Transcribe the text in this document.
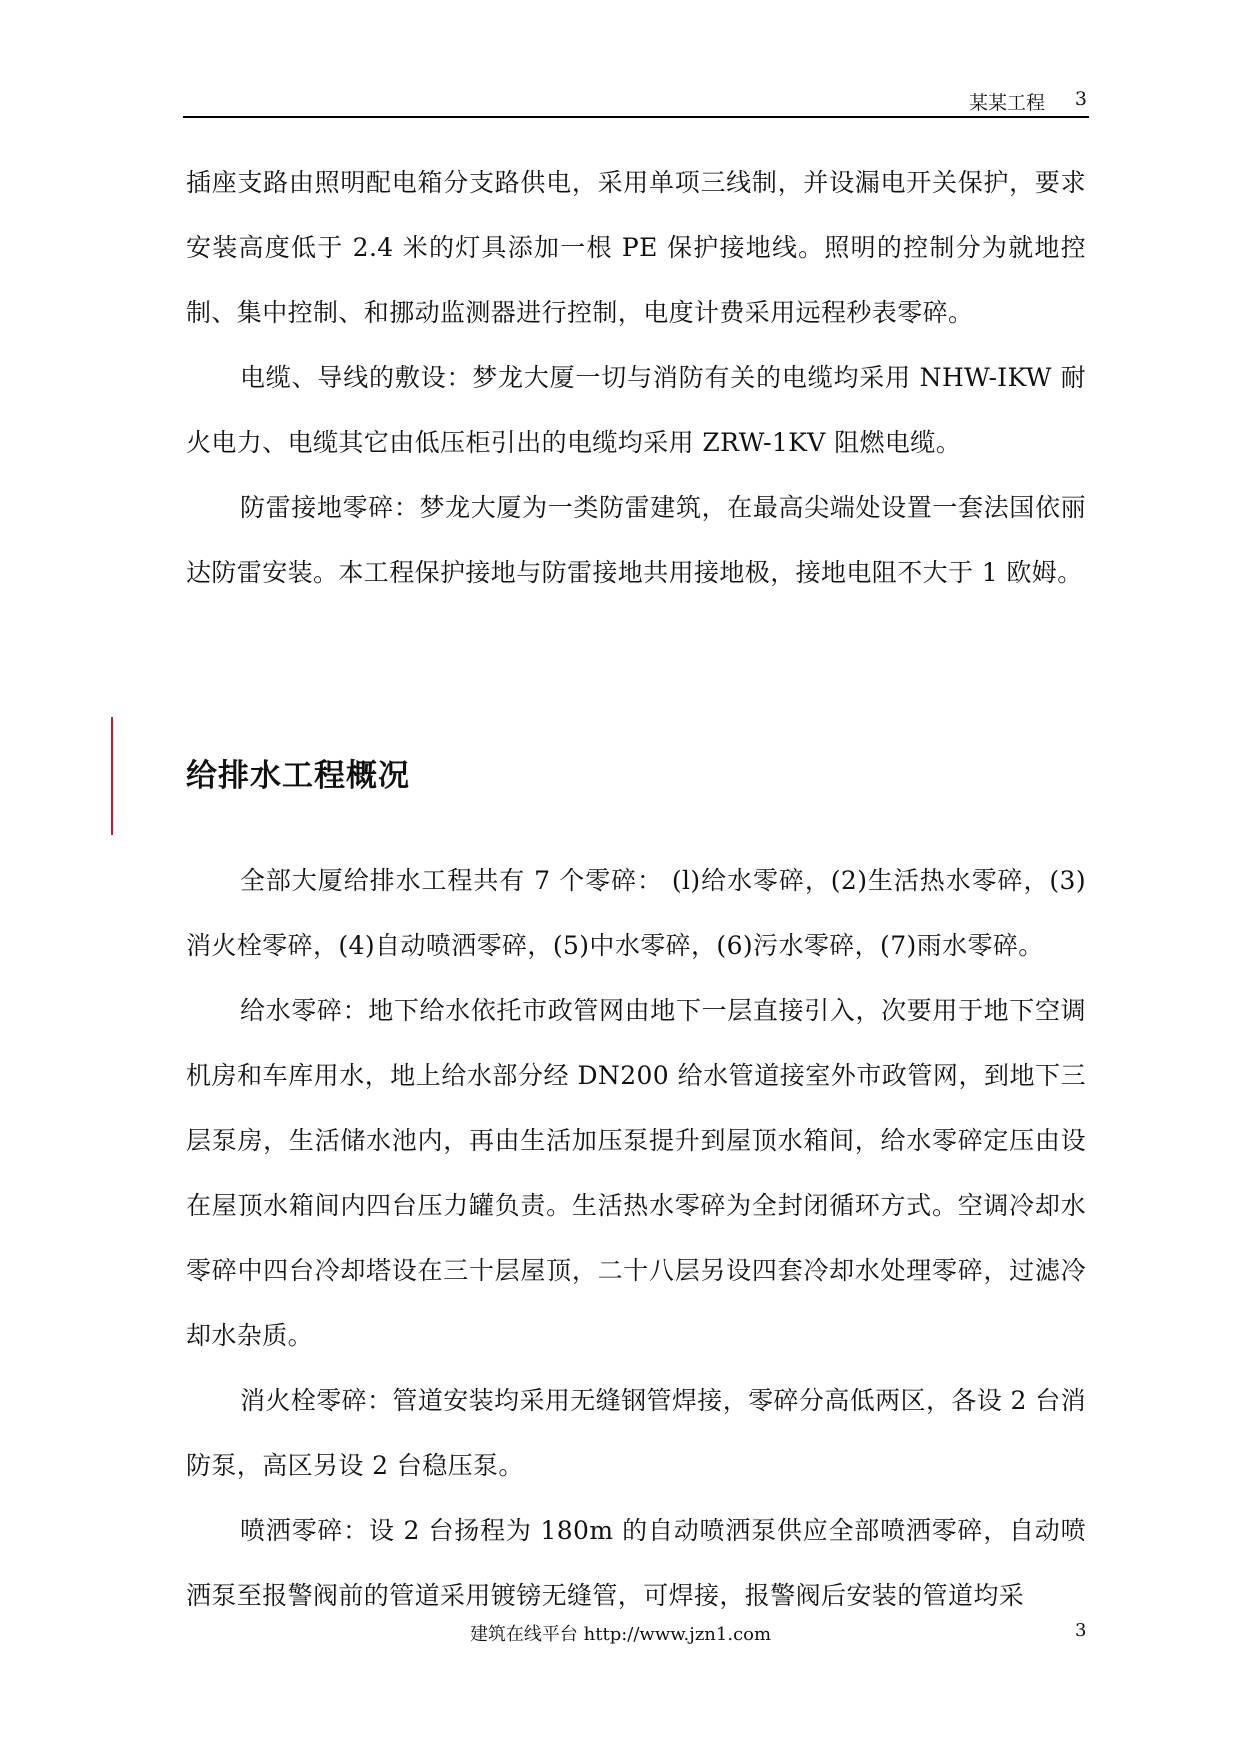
某某工程 3

插座支路由照明配电箱分支路供电，采用单项三线制，并设漏电开关保护，要求安装高度低于 2.4 米的灯具添加一根 PE 保护接地线。照明的控制分为就地控制、集中控制、和挪动监测器进行控制，电度计费采用远程秒表零碎。

电缆、导线的敷设：梦龙大厦一切与消防有关的电缆均采用 NHW-IKW 耐火电力、电缆其它由低压柜引出的电缆均采用 ZRW-1KV 阻燃电缆。

防雷接地零碎：梦龙大厦为一类防雷建筑，在最高尖端处设置一套法国依丽达防雷安装。本工程保护接地与防雷接地共用接地极，接地电阻不大于 1 欧姆。

给排水工程概况

全部大厦给排水工程共有 7 个零碎： (l)给水零碎，(2)生活热水零碎，(3)消火栓零碎，(4)自动喷洒零碎，(5)中水零碎，(6)污水零碎，(7)雨水零碎。

给水零碎：地下给水依托市政管网由地下一层直接引入，次要用于地下空调机房和车库用水，地上给水部分经 DN200 给水管道接室外市政管网，到地下三层泵房，生活储水池内，再由生活加压泵提升到屋顶水箱间，给水零碎定压由设在屋顶水箱间内四台压力罐负责。生活热水零碎为全封闭循环方式。空调冷却水零碎中四台冷却塔设在三十层屋顶，二十八层另设四套冷却水处理零碎，过滤冷却水杂质。

消火栓零碎：管道安装均采用无缝钢管焊接，零碎分高低两区，各设 2 台消防泵，高区另设 2 台稳压泵。

喷洒零碎：设 2 台扬程为 180m 的自动喷洒泵供应全部喷洒零碎，自动喷洒泵至报警阀前的管道采用镀镑无缝管，可焊接，报警阀后安装的管道均采

建筑在线平台 http://www.jzn1.com	3
